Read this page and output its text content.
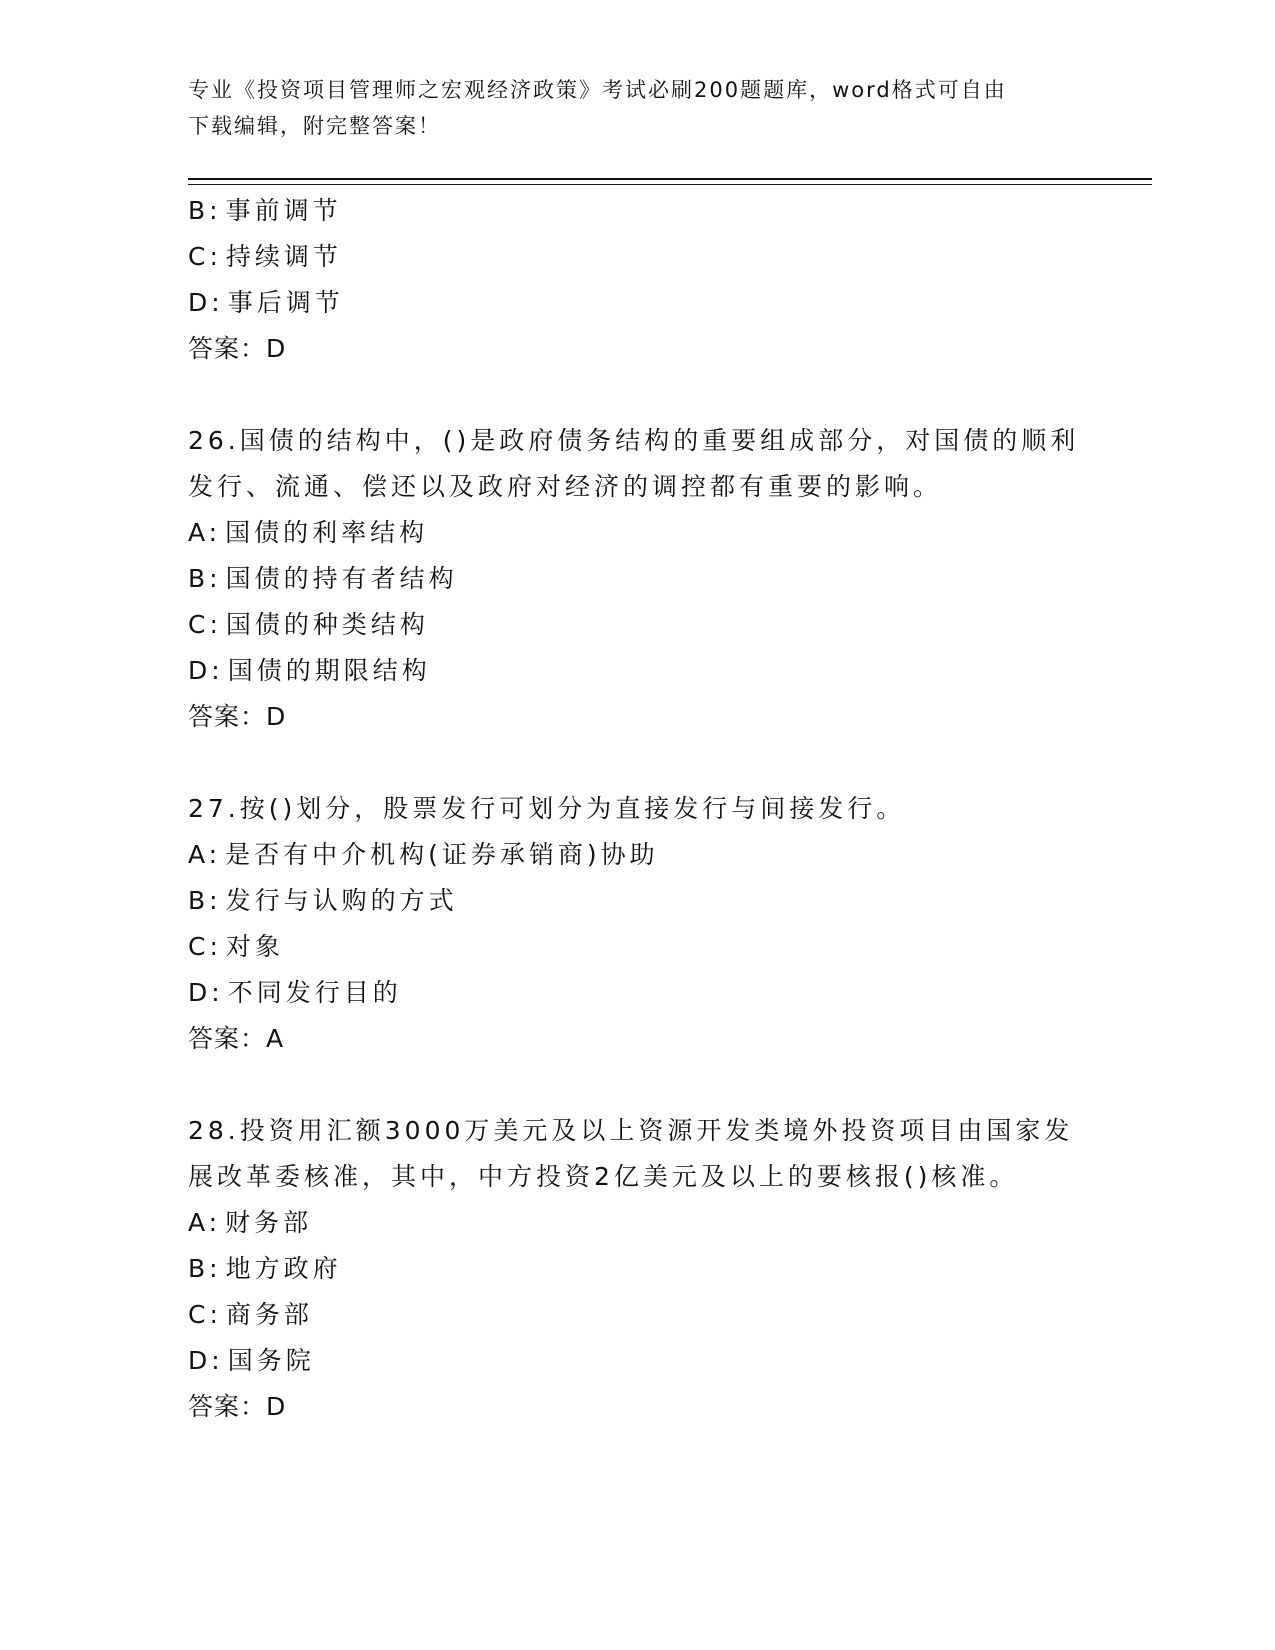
专业《投资项目管理师之宏观经济政策》考试必刷200题题库，word格式可自由
下载编辑，附完整答案！
B: 事前调节
C: 持续调节
D: 事后调节
答案：D
26.国债的结构中，()是政府债务结构的重要组成部分，对国债的顺利
发行、流通、偿还以及政府对经济的调控都有重要的影响。
A: 国债的利率结构
B: 国债的持有者结构
C: 国债的种类结构
D: 国债的期限结构
答案：D
27.按()划分，股票发行可划分为直接发行与间接发行。
A: 是否有中介机构(证券承销商)协助
B: 发行与认购的方式
C: 对象
D: 不同发行目的
答案：A
28.投资用汇额3000万美元及以上资源开发类境外投资项目由国家发
展改革委核准，其中，中方投资2亿美元及以上的要核报()核准。
A: 财务部
B: 地方政府
C: 商务部
D: 国务院
答案：D
